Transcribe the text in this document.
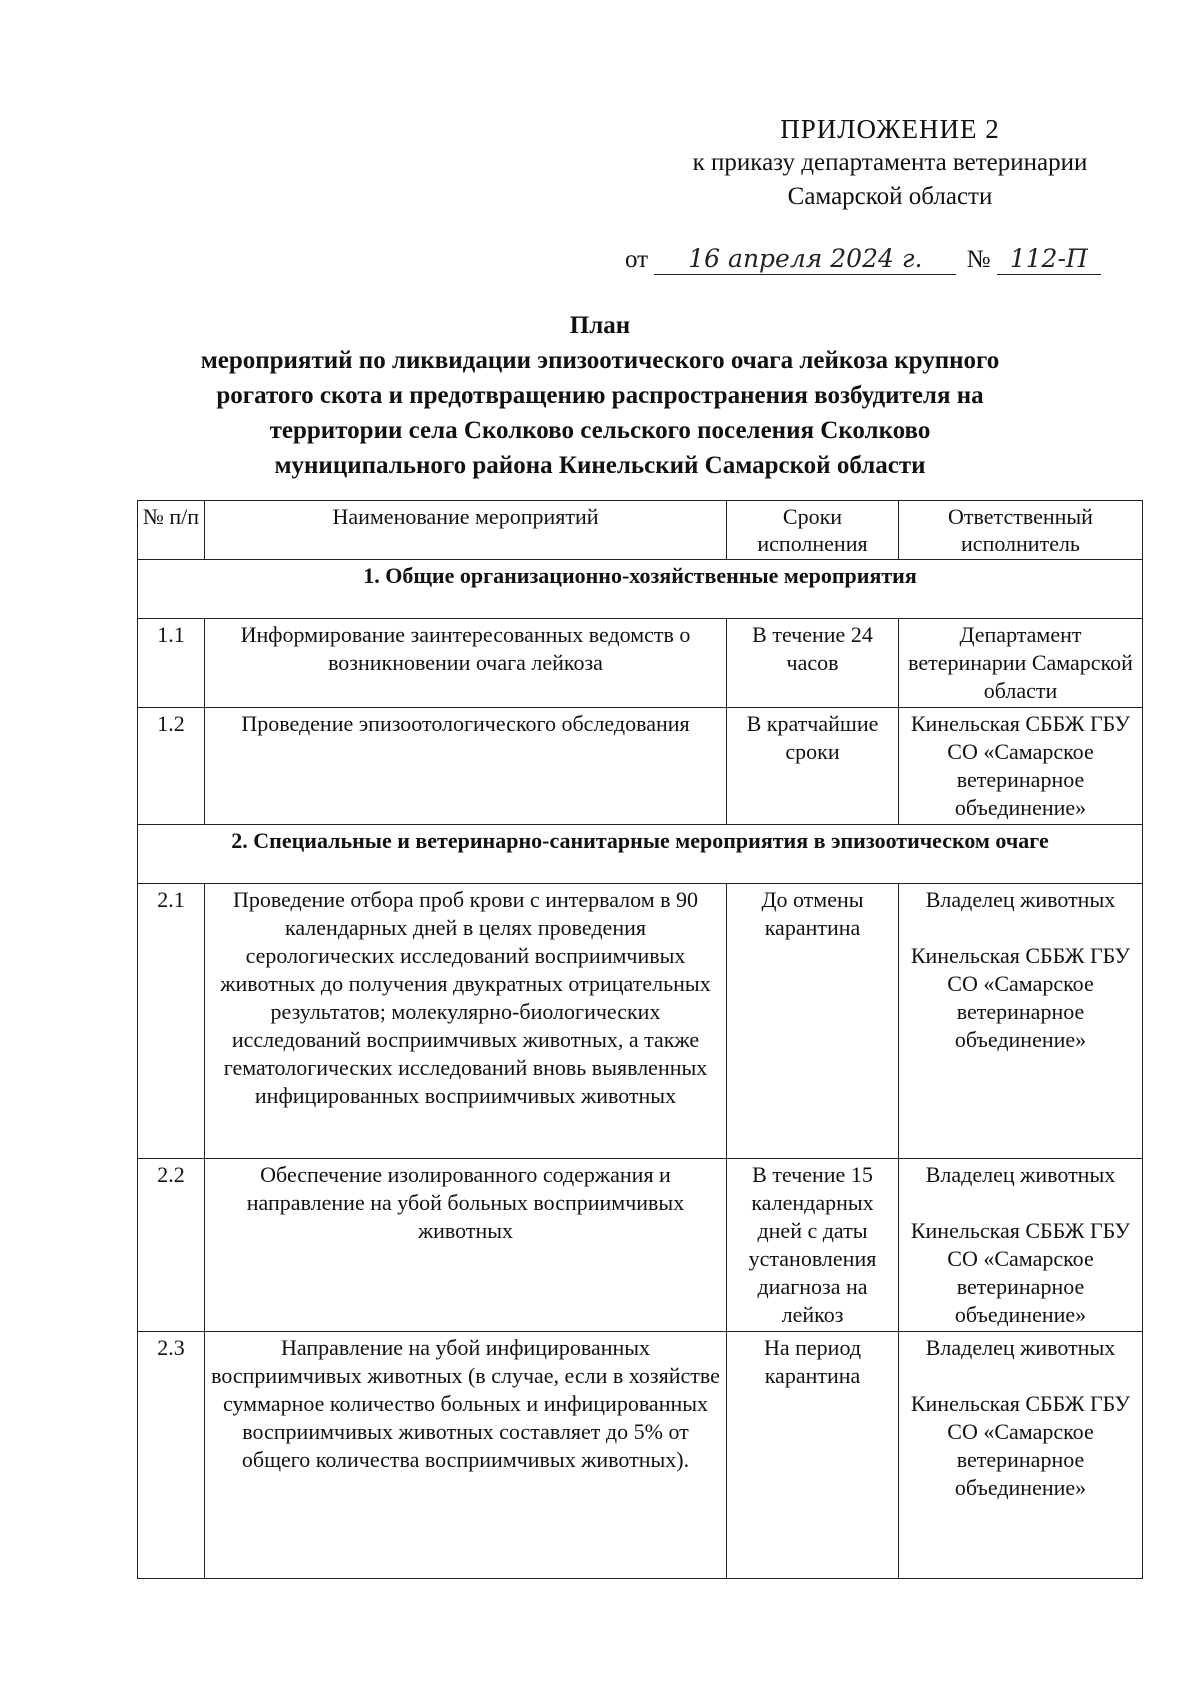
ПРИЛОЖЕНИЕ 2
к приказу департамента ветеринарии
Самарской области
от 16 апреля 2024 г. № 112-П
План
мероприятий по ликвидации эпизоотического очага лейкоза крупного
рогатого скота и предотвращению распространения возбудителя на
территории села Сколково сельского поселения Сколково
муниципального района Кинельский Самарской области
№ п/п	Наименование мероприятий	Сроки исполнения	Ответственный исполнитель
1. Общие организационно-хозяйственные мероприятия			
1.1	Информирование заинтересованных ведомств о возникновении очага лейкоза	В течение 24 часов	Департамент ветеринарии Самарской области

1.2	Проведение эпизоотологического обследования	В кратчайшие сроки	Кинельская СББЖ ГБУ СО «Самарское ветеринарное объединение»

2. Специальные и ветеринарно-санитарные мероприятия в эпизоотическом очаге			
2.1	Проведение отбора проб крови с интервалом в 90 календарных дней в целях проведения серологических исследований восприимчивых животных до получения двукратных отрицательных результатов; молекулярно-биологических исследований восприимчивых животных, а также гематологических исследований вновь выявленных инфицированных восприимчивых животных	До отмены карантина	Владелец животных
Кинельская СББЖ ГБУ СО «Самарское ветеринарное объединение»

2.2	Обеспечение изолированного содержания и направление на убой больных восприимчивых животных	В течение 15 календарных дней с даты установления диагноза на лейкоз	Владелец животных
Кинельская СББЖ ГБУ СО «Самарское ветеринарное объединение»

2.3	Направление на убой инфицированных восприимчивых животных (в случае, если в хозяйстве суммарное количество больных и инфицированных восприимчивых животных составляет до 5% от общего количества восприимчивых животных).	На период карантина	Владелец животных
Кинельская СББЖ ГБУ СО «Самарское ветеринарное объединение»
